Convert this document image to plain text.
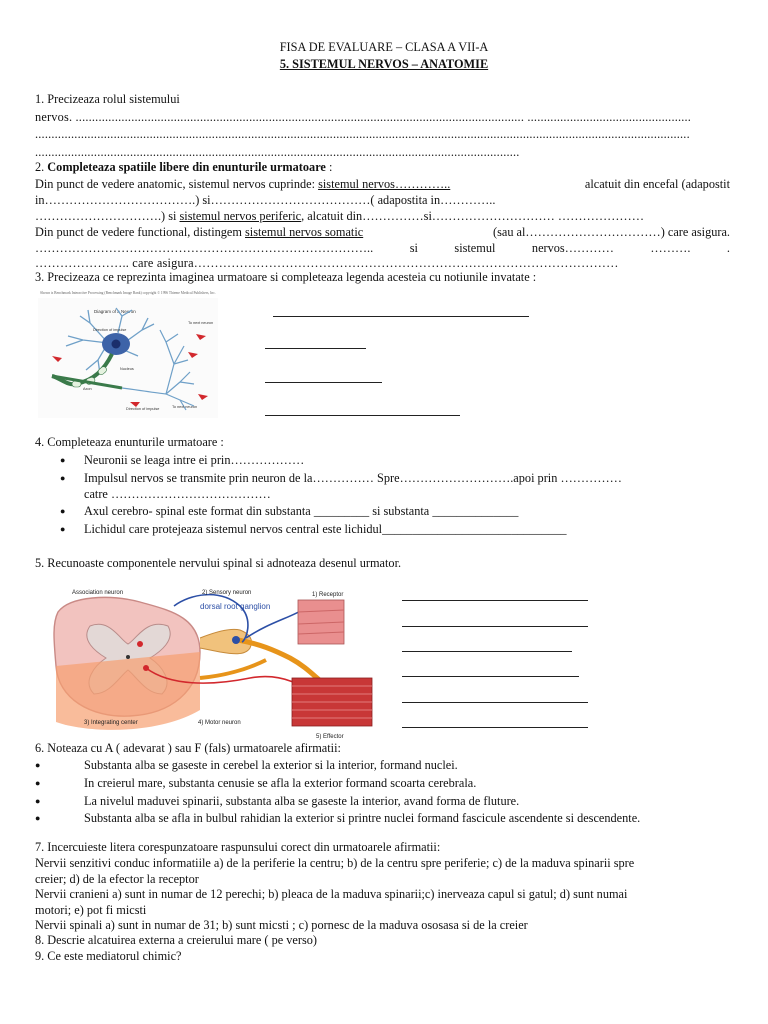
FISA DE EVALUARE – CLASA A VII-A
5. SISTEMUL NERVOS – ANATOMIE
1. Precizeaza rolul sistemului
nervos. ......................................................................................................................................... ..................................................
........................................................................................................................................................................................................
....................................................................................................................................................
2. Completeaza spatiile libere din enunturile urmatoare :
Din punct de vedere anatomic, sistemul nervos cuprinde: sistemul nervos…………..	alcatuit din encefal (adapostit
in……………………………….) si…………………………………( adapostita in…………..
………………………….) si sistemul nervos periferic, alcatuit din……………si………………………… …………………
Din punct de vedere functional, distingem sistemul nervos somatic	(sau al……………………………) care asigura.
………………………………………………………………………..	si	sistemul	nervos…………	……….	.
………………….. care asigura…………………………………………………………………………………………
3. Precizeaza ce reprezinta imaginea urmatoare si completeaza legenda acesteia cu notiunile invatate :
Shown is Benchmark Interactive Processing (Benchmark Image Bank) copyright © 1996 Thieme Medical Publishers, Inc.
Diagram of a Neuron
Direction of impulse
Nucleus
Axon
Direction of impulse
To next neuron
To next neuron
4. Completeaza enunturile urmatoare :
● Neuronii se leaga intre ei prin………………
● Impulsul nervos se transmite prin neuron de la…………… Spre……………………….apoi prin ……………
catre …………………………………
● Axul cerebro- spinal este format din substanta _________ si substanta ______________
● Lichidul care protejeaza sistemul nervos central este lichidul______________________________
5. Recunoaste componentele nervului spinal si adnoteaza desenul urmator.
Association neuron	2) Sensory neuron
dorsal root ganglion
1) Receptor
3) Integrating center	4) Motor neuron
5) Effector
6. Noteaza cu A ( adevarat ) sau F (fals) urmatoarele afirmatii:
●	Substanta alba se gaseste in cerebel la exterior si la interior, formand nuclei.
●	In creierul mare, substanta cenusie se afla la exterior formand scoarta cerebrala.
●	La nivelul maduvei spinarii, substanta alba se gaseste la interior, avand forma de fluture.
●	Substanta alba se afla in bulbul rahidian la exterior si printre nuclei formand fascicule ascendente si descendente.
7. Incercuieste litera corespunzatoare raspunsului corect din urmatoarele afirmatii:
Nervii senzitivi conduc informatiile a) de la periferie la centru; b) de la centru spre periferie; c) de la maduva spinarii spre
creier; d) de la efector la receptor
Nervii cranieni a) sunt in numar de 12 perechi; b) pleaca de la maduva spinarii;c) inerveaza capul si gatul; d) sunt numai
motori; e) pot fi micsti
Nervii spinali a) sunt in numar de 31; b) sunt micsti ; c) pornesc de la maduva ososasa si de la creier
8. Descrie alcatuirea externa a creierului mare ( pe verso)
9. Ce este mediatorul chimic?
